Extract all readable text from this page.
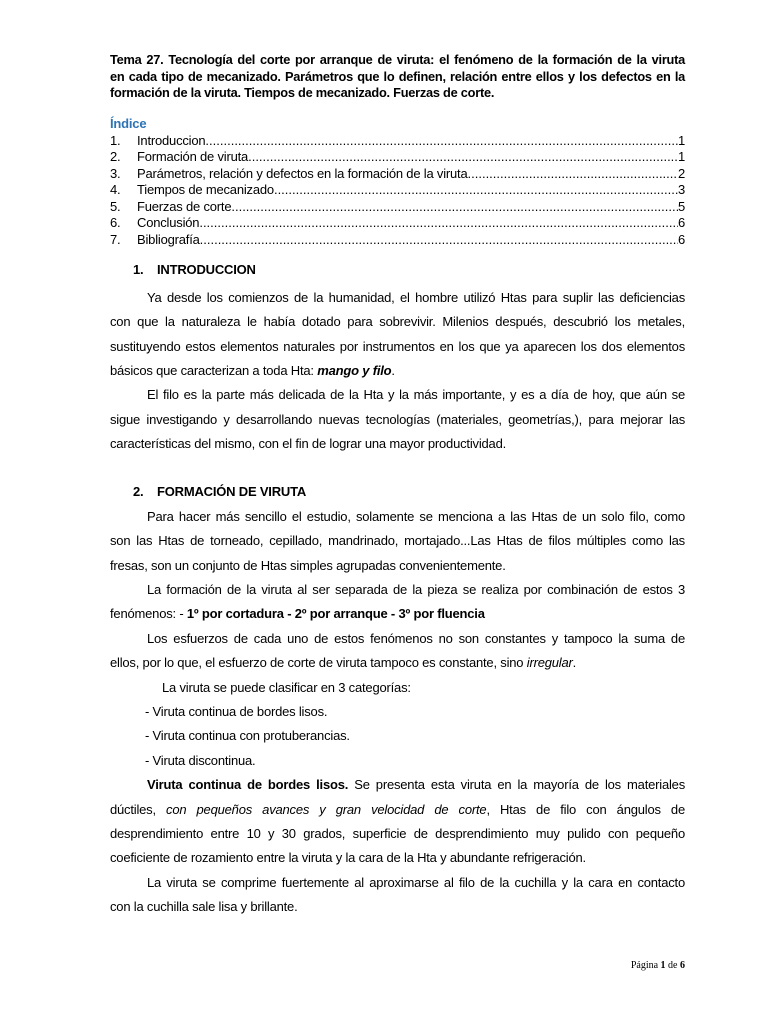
Tema 27. Tecnología del corte por arranque de viruta: el fenómeno de la formación de la viruta
en cada tipo de mecanizado. Parámetros que lo definen, relación entre ellos y los defectos en la
formación de la viruta. Tiempos de mecanizado. Fuerzas de corte.
Índice
1.	Introduccion .....	1
2.	Formación de viruta .....	1
3.	Parámetros, relación y defectos en la formación de la viruta .....	2
4.	Tiempos de mecanizado .....	3
5.	Fuerzas de corte .....	5
6.	Conclusión .....	6
7.	Bibliografía .....	6
1.	INTRODUCCION
Ya desde los comienzos de la humanidad, el hombre utilizó Htas para suplir las deficiencias
con que la naturaleza le había dotado para sobrevivir. Milenios después, descubrió los metales,
sustituyendo estos elementos naturales por instrumentos en los que ya aparecen los dos elementos
básicos que caracterizan a toda Hta: mango y filo.
El filo es la parte más delicada de la Hta y la más importante, y es a día de hoy, que aún se
sigue investigando y desarrollando nuevas tecnologías (materiales, geometrías,), para mejorar las
características del mismo, con el fin de lograr una mayor productividad.
2.	FORMACIÓN DE VIRUTA
Para hacer más sencillo el estudio, solamente se menciona a las Htas de un solo filo, como
son las Htas de torneado, cepillado, mandrinado, mortajado...Las Htas de filos múltiples como las
fresas, son un conjunto de Htas simples agrupadas convenientemente.
La formación de la viruta al ser separada de la pieza se realiza por combinación de estos 3
fenómenos: - 1º por cortadura - 2º por arranque - 3º por fluencia
Los esfuerzos de cada uno de estos fenómenos no son constantes y tampoco la suma de
ellos, por lo que, el esfuerzo de corte de viruta tampoco es constante, sino irregular.
La viruta se puede clasificar en 3 categorías:
- Viruta continua de bordes lisos.
- Viruta continua con protuberancias.
- Viruta discontinua.
Viruta continua de bordes lisos. Se presenta esta viruta en la mayoría de los materiales
dúctiles, con pequeños avances y gran velocidad de corte, Htas de filo con ángulos de
desprendimiento entre 10 y 30 grados, superficie de desprendimiento muy pulido con pequeño
coeficiente de rozamiento entre la viruta y la cara de la Hta y abundante refrigeración.
La viruta se comprime fuertemente al aproximarse al filo de la cuchilla y la cara en contacto
con la cuchilla sale lisa y brillante.
Página 1 de 6
